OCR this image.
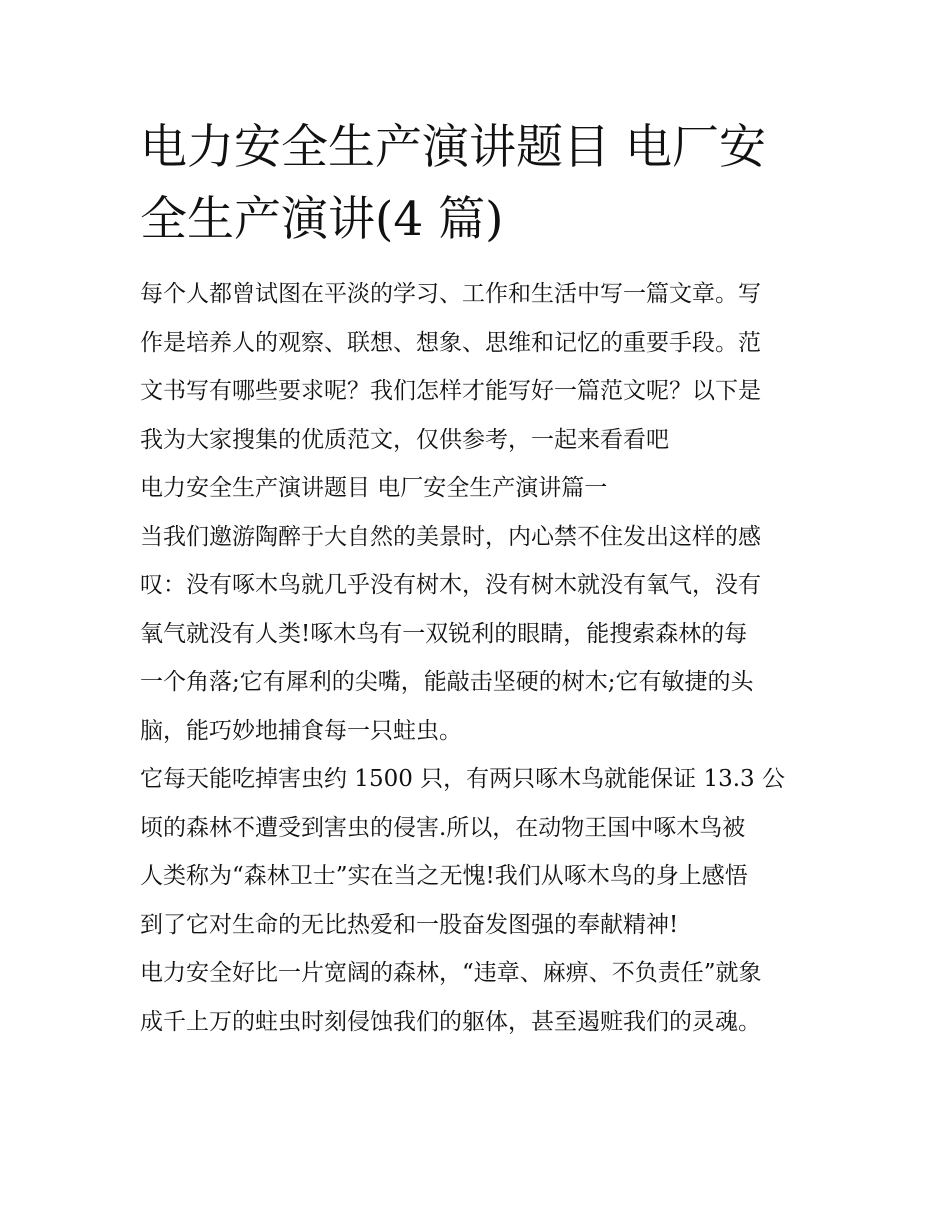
电力安全生产演讲题目 电厂安
全生产演讲(4 篇)
每个人都曾试图在平淡的学习、工作和生活中写一篇文章。写
作是培养人的观察、联想、想象、思维和记忆的重要手段。范
文书写有哪些要求呢？我们怎样才能写好一篇范文呢？以下是
我为大家搜集的优质范文，仅供参考，一起来看看吧
电力安全生产演讲题目 电厂安全生产演讲篇一
当我们邀游陶醉于大自然的美景时，内心禁不住发出这样的感
叹：没有啄木鸟就几乎没有树木，没有树木就没有氧气，没有
氧气就没有人类!啄木鸟有一双锐利的眼睛，能搜索森林的每
一个角落;它有犀利的尖嘴，能敲击坚硬的树木;它有敏捷的头
脑，能巧妙地捕食每一只蛀虫。
它每天能吃掉害虫约 1500 只，有两只啄木鸟就能保证 13.3 公
顷的森林不遭受到害虫的侵害.所以，在动物王国中啄木鸟被
人类称为“森林卫士”实在当之无愧!我们从啄木鸟的身上感悟
到了它对生命的无比热爱和一股奋发图强的奉献精神!
电力安全好比一片宽阔的森林，“违章、麻痹、不负责任”就象
成千上万的蛀虫时刻侵蚀我们的躯体，甚至遏赃我们的灵魂。
